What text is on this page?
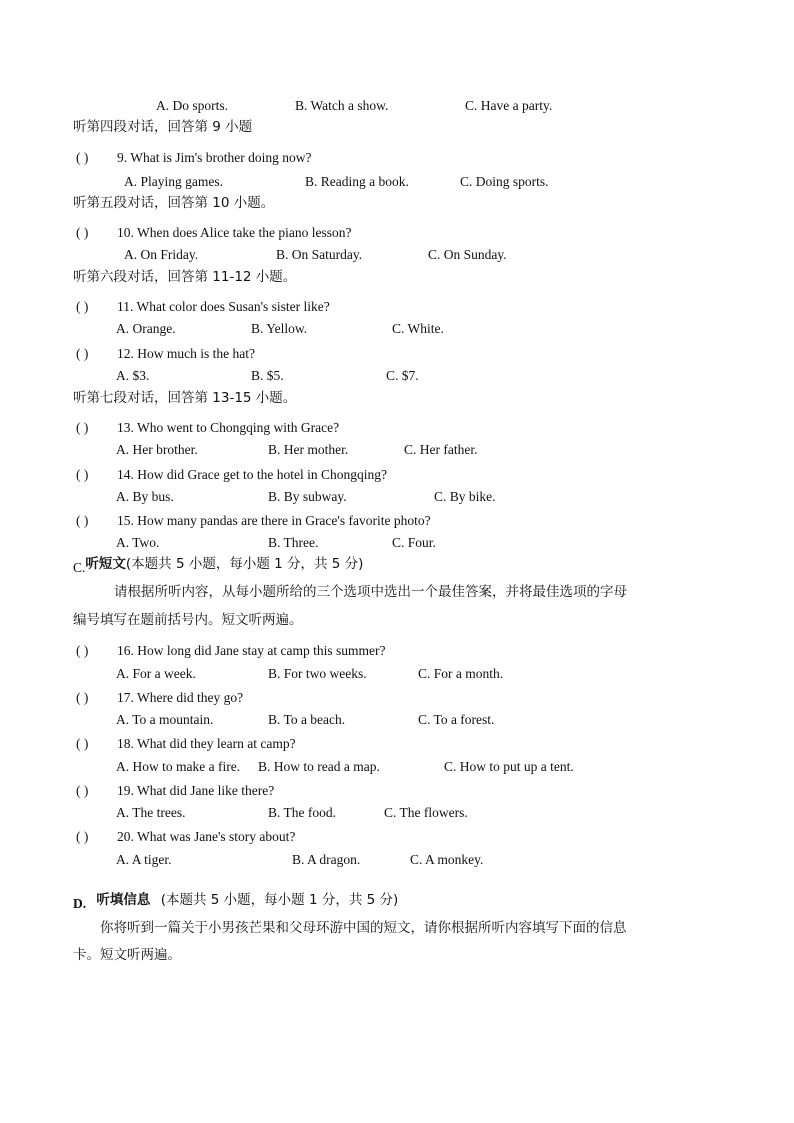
A. Do sports.	B. Watch a show.	C. Have a party.
听第四段对话，回答第 9 小题
( ) 9. What is Jim's brother doing now?
A. Playing games.	B. Reading a book.	C. Doing sports.
听第五段对话，回答第 10 小题。
( ) 10. When does Alice take the piano lesson?
A. On Friday.	B. On Saturday.	C. On Sunday.
听第六段对话，回答第 11-12 小题。
( ) 11. What color does Susan's sister like?
A. Orange.	B. Yellow.	C. White.
( ) 12. How much is the hat?
A. $3.	B. $5.	C. $7.
听第七段对话，回答第 13-15 小题。
( ) 13. Who went to Chongqing with Grace?
A. Her brother.	B. Her mother.	C. Her father.
( ) 14. How did Grace get to the hotel in Chongqing?
A. By bus.	B. By subway.	C. By bike.
( ) 15. How many pandas are there in Grace's favorite photo?
A. Two.	B. Three.	C. Four.
C.听短文(本题共 5 小题，每小题 1 分，共 5 分)
请根据所听内容，从每小题所给的三个选项中选出一个最佳答案，并将最佳选项的字母
编号填写在题前括号内。短文听两遍。
( ) 16. How long did Jane stay at camp this summer?
A. For a week.	B. For two weeks.	C. For a month.
( ) 17. Where did they go?
A. To a mountain.	B. To a beach.	C. To a forest.
( ) 18. What did they learn at camp?
A. How to make a fire. B. How to read a map.	C. How to put up a tent.
( ) 19. What did Jane like there?
A. The trees.	B. The food.	C. The flowers.
( ) 20. What was Jane's story about?
A. A tiger.	B. A dragon.	C. A monkey.
D. 听填信息 (本题共 5 小题，每小题 1 分，共 5 分)
你将听到一篇关于小男孩芒果和父母环游中国的短文，请你根据所听内容填写下面的信息
卡。短文听两遍。
